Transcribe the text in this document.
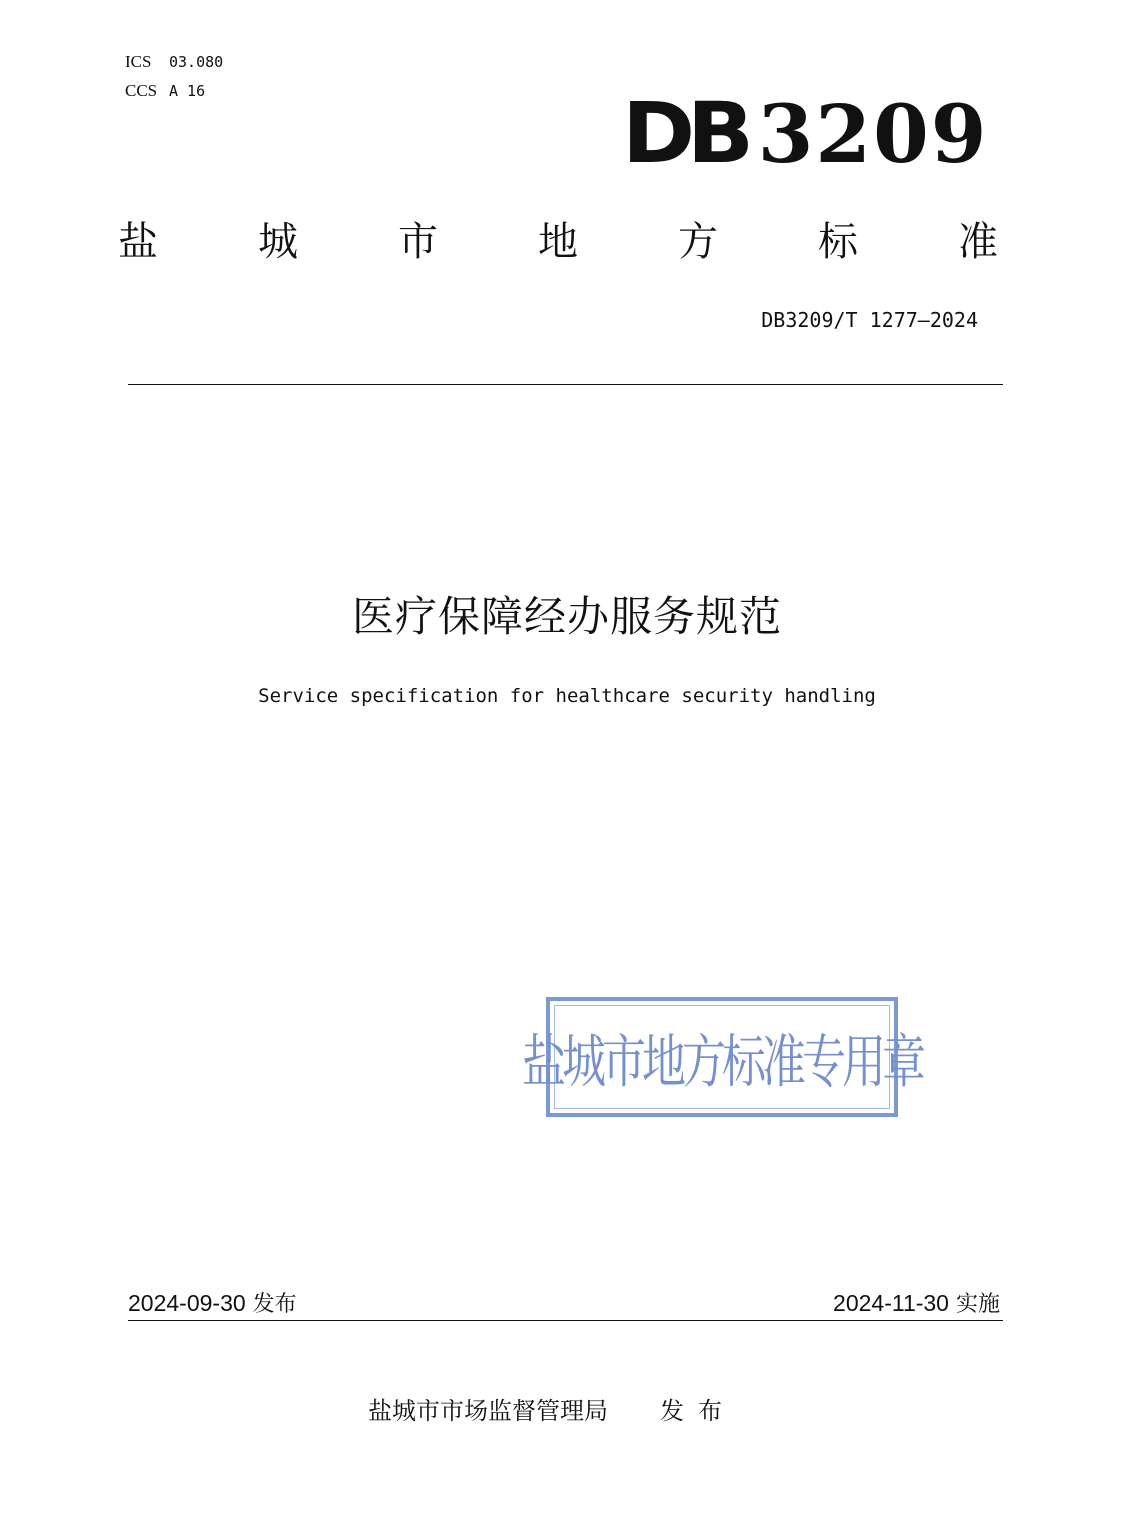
ICS 03.080
CCS A 16	DB 3209
盐	城	市	地	方	标	准
DB3209/T 1277—2024
医疗保障经办服务规范
Service specification for healthcare security handling
盐城市地方标准专用章
2024-09-30 发布	2024-11-30 实施
盐城市市场监督管理局 发布
